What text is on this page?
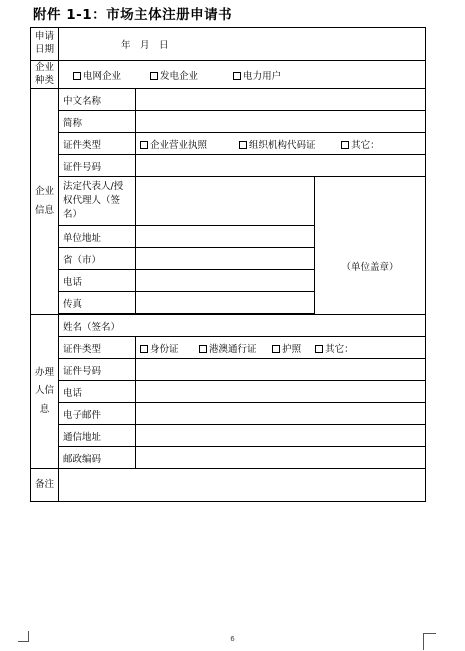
附件 1-1：市场主体注册申请书
申请日期	年　月　日		
企业种类	电网企业 发电企业 电力用户		
企业信息	中文名称		
	简称		
	证件类型	企业营业执照 组织机构代码证 其它：	
	证件号码		
	法定代表人/授权代理人（签名）		（单位盖章）
	单位地址		
	省（市）		
	电话		
	传真		

办理人信息	姓名（签名）		
	证件类型	身份证 港澳通行证 护照 其它：	
	证件号码		
	电话		
	电子邮件		
	通信地址		
	邮政编码		
备注			
6
